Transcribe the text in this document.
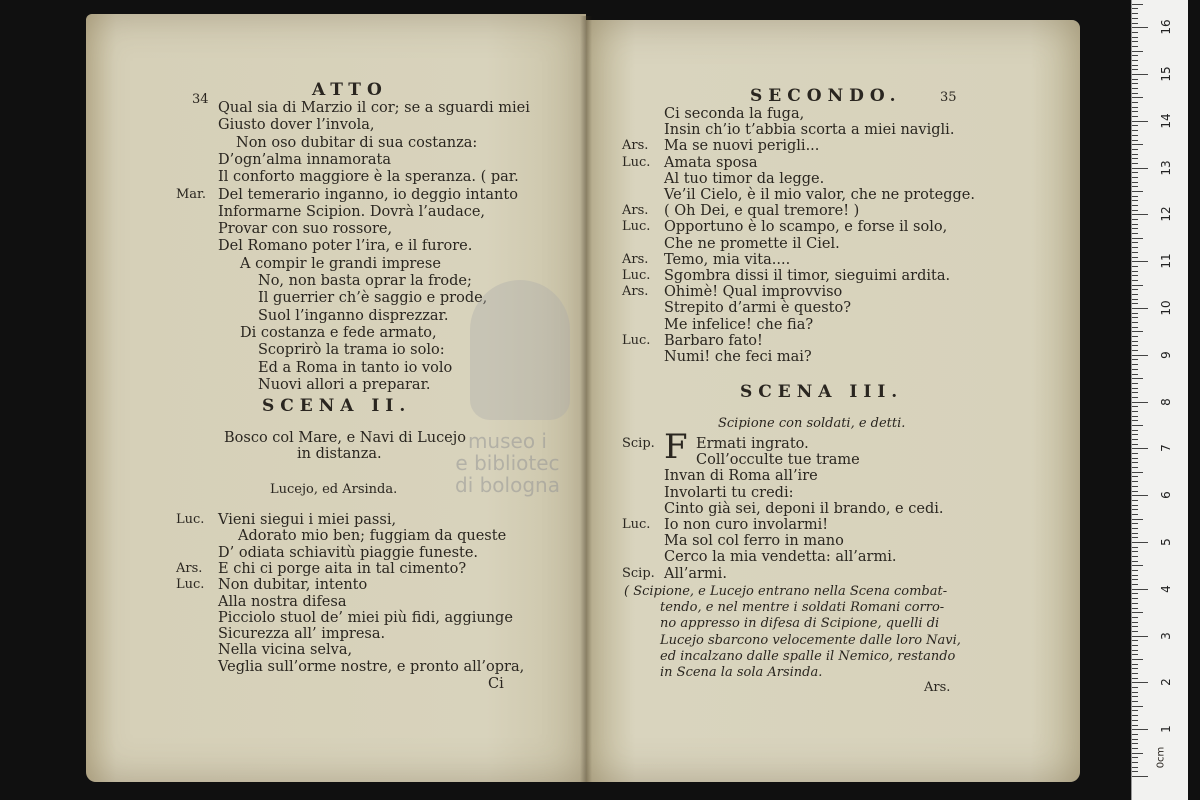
34	ATTO
Qual sia di Marzio il cor; se a sguardi miei
Giusto dover l’invola,
Non oso dubitar di sua costanza:
D’ogn’alma innamorata
Il conforto maggiore è la speranza. ( par.
Mar. Del temerario inganno, io deggio intanto
Informarne Scipion. Dovrà l’audace,
Provar con suo rossore,
Del Romano poter l’ira, e il furore.
A compir le grandi imprese
No, non basta oprar la frode;
Il guerrier ch’è saggio e prode,
Suol l’inganno disprezzar.
Di costanza e fede armato,
Scoprirò la trama io solo:
Ed a Roma in tanto io volo
Nuovi allori a preparar.
SCENA II.
Bosco col Mare, e Navi di Lucejo
in distanza.
Lucejo, ed Arsinda.
Luc. Vieni siegui i miei passi,
Adorato mio ben; fuggiam da queste
D’ odiata schiavitù piaggie funeste.
Ars. E chi ci porge aita in tal cimento?
Luc. Non dubitar, intento
Alla nostra difesa
Picciolo stuol de’ miei più fidi, aggiunge
Sicurezza all’ impresa.
Nella vicina selva,
Veglia sull’orme nostre, e pronto all’opra,
Ci
SECONDO.	35
Ci seconda la fuga,
Insin ch’io t’abbia scorta a miei navigli.
Ars. Ma se nuovi perigli...
Luc. Amata sposa
Al tuo timor da legge.
Ve’il Cielo, è il mio valor, che ne protegge.
Ars. ( Oh Dei, e qual tremore! )
Luc. Opportuno è lo scampo, e forse il solo,
Che ne promette il Ciel.
Ars. Temo, mia vita....
Luc. Sgombra dissi il timor, sieguimi ardita.
Ars. Ohimè! Qual improvviso
Strepito d’armi è questo?
Me infelice! che fia?
Luc. Barbaro fato!
Numi! che feci mai?
SCENA III.
Scipione con soldati, e detti.
F
Scip.	Ermati ingrato.
Coll’occulte tue trame
Invan di Roma all’ire
Involarti tu credi:
Cinto già sei, deponi il brando, e cedi.
Luc. Io non curo involarmi!
Ma sol col ferro in mano
Cerco la mia vendetta: all’armi.
Scip. All’armi.
( Scipione, e Lucejo entrano nella Scena combat-
tendo, e nel mentre i soldati Romani corro-
no appresso in difesa di Scipione, quelli di
Lucejo sbarcono velocemente dalle loro Navi,
ed incalzano dalle spalle il Nemico, restando
in Scena la sola Arsinda.
Ars.
museo i
e bibliotec
di bologna
0cm
1
2
3
4
5
6
7
8
9
10
11
12
13
14
15
16
